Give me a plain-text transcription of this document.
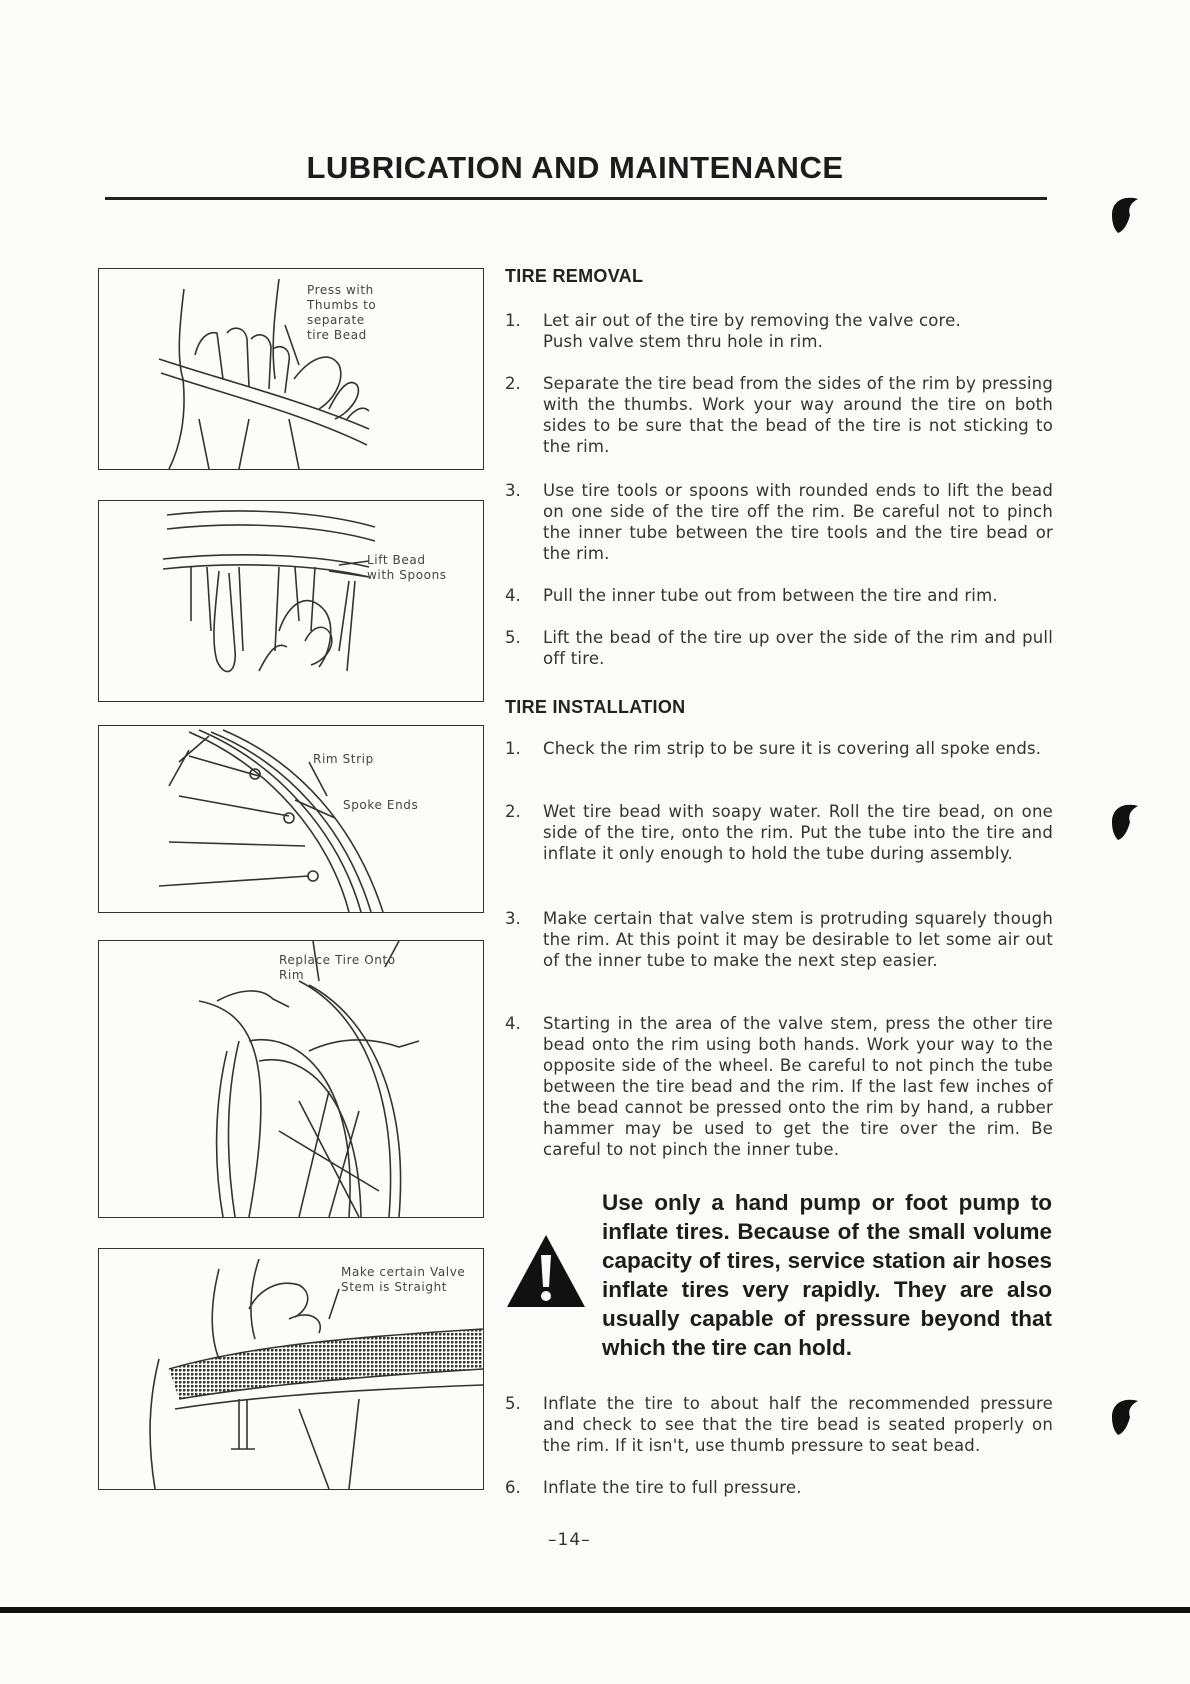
LUBRICATION AND MAINTENANCE
Press with
Thumbs to
separate
tire Bead
Lift Bead
with Spoons
Rim Strip
Spoke Ends
Replace Tire Onto
Rim
Make certain Valve
Stem is Straight
TIRE REMOVAL
1.	Let air out of the tire by removing the valve core.
Push valve stem thru hole in rim.
2.	Separate the tire bead from the sides of the rim by pressing with the thumbs. Work your way around the tire on both sides to be sure that the bead of the tire is not sticking to the rim.
3.	Use tire tools or spoons with rounded ends to lift the bead on one side of the tire off the rim. Be careful not to pinch the inner tube between the tire tools and the tire bead or the rim.
4.	Pull the inner tube out from between the tire and rim.
5.	Lift the bead of the tire up over the side of the rim and pull off tire.
TIRE INSTALLATION
1.	Check the rim strip to be sure it is covering all spoke ends.
2.	Wet tire bead with soapy water. Roll the tire bead, on one side of the tire, onto the rim. Put the tube into the tire and inflate it only enough to hold the tube during assembly.
3.	Make certain that valve stem is protruding squarely though the rim. At this point it may be desirable to let some air out of the inner tube to make the next step easier.
4.	Starting in the area of the valve stem, press the other tire bead onto the rim using both hands. Work your way to the opposite side of the wheel. Be careful to not pinch the tube between the tire bead and the rim. If the last few inches of the bead cannot be pressed onto the rim by hand, a rubber hammer may be used to get the tire over the rim. Be careful to not pinch the inner tube.
Use only a hand pump or foot pump to inflate tires. Because of the small volume capacity of tires, service station air hoses inflate tires very rapidly. They are also usually capable of pressure beyond that which the tire can hold.
5.	Inflate the tire to about half the recommended pressure and check to see that the tire bead is seated properly on the rim. If it isn't, use thumb pressure to seat bead.
6.	Inflate the tire to full pressure.
–14–
